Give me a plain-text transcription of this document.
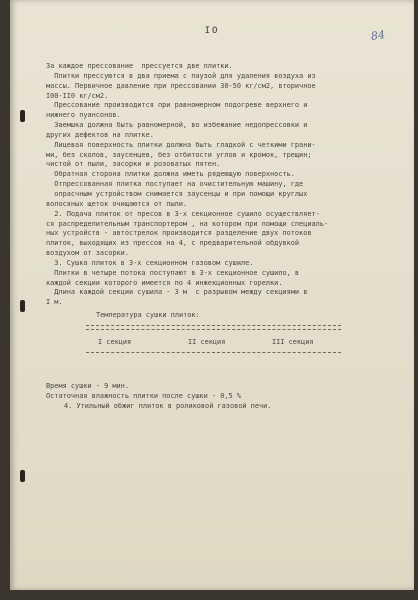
IO	84
За каждое прессование  прессуется две плитки.
Плитки прессуются в два приема с паузой для удаления воздуха из
массы. Первичное давление при прессовании 30-50 кг/см2, вторичное
I00-II0 кг/см2.
Прессование производится при равномерном подогреве верхнего и
нижнего пуансонов.
Заемшка должна быть равномерной, во избежание недопрессовки и
других дефектов на плитке.
Лицевая поверхность плитки должна быть гладкой с четкими грани-
ми, без сколов, заусенцев, без отбитости углов и кромок, трещин;
чистой от пыли, засорки и розоватых пятен.
Обратная сторона плитки должна иметь рядеющую поверхность.
Отпрессованная плитка поступает на очистительную машину, где
опрасчным устройством снимается заусенцы и при помощи круглых
волосяных щеток очищаются от пыли.
2. Подача плиток от пресов в 3-х секционное сушило осуществляет-
ся распределительным транспортером , на котором при помощи специаль-
ных устройств - автострелок производится разделение двух потоков
плиток, выходящих из прессов на 4, с предварительной обдувкой
воздухом от засорки.
3. Сушка плиток в 3-х секционном газовом сушиле.
Плитки в четыре потока поступают в 3-х секционное сушило, в
каждой секции которого имеется по 4 инжекционных горелки.
Длина каждой секции сушила - 3 м  с разрывом между секциями в
I м.
Температура сушки плиток:
I секция	II секция	III секция
Время сушки - 9 мин.
Остаточная влажность плитки после сушки - 0,5 %
4. Утильный обжиг плиток в роликовой газовой печи.
